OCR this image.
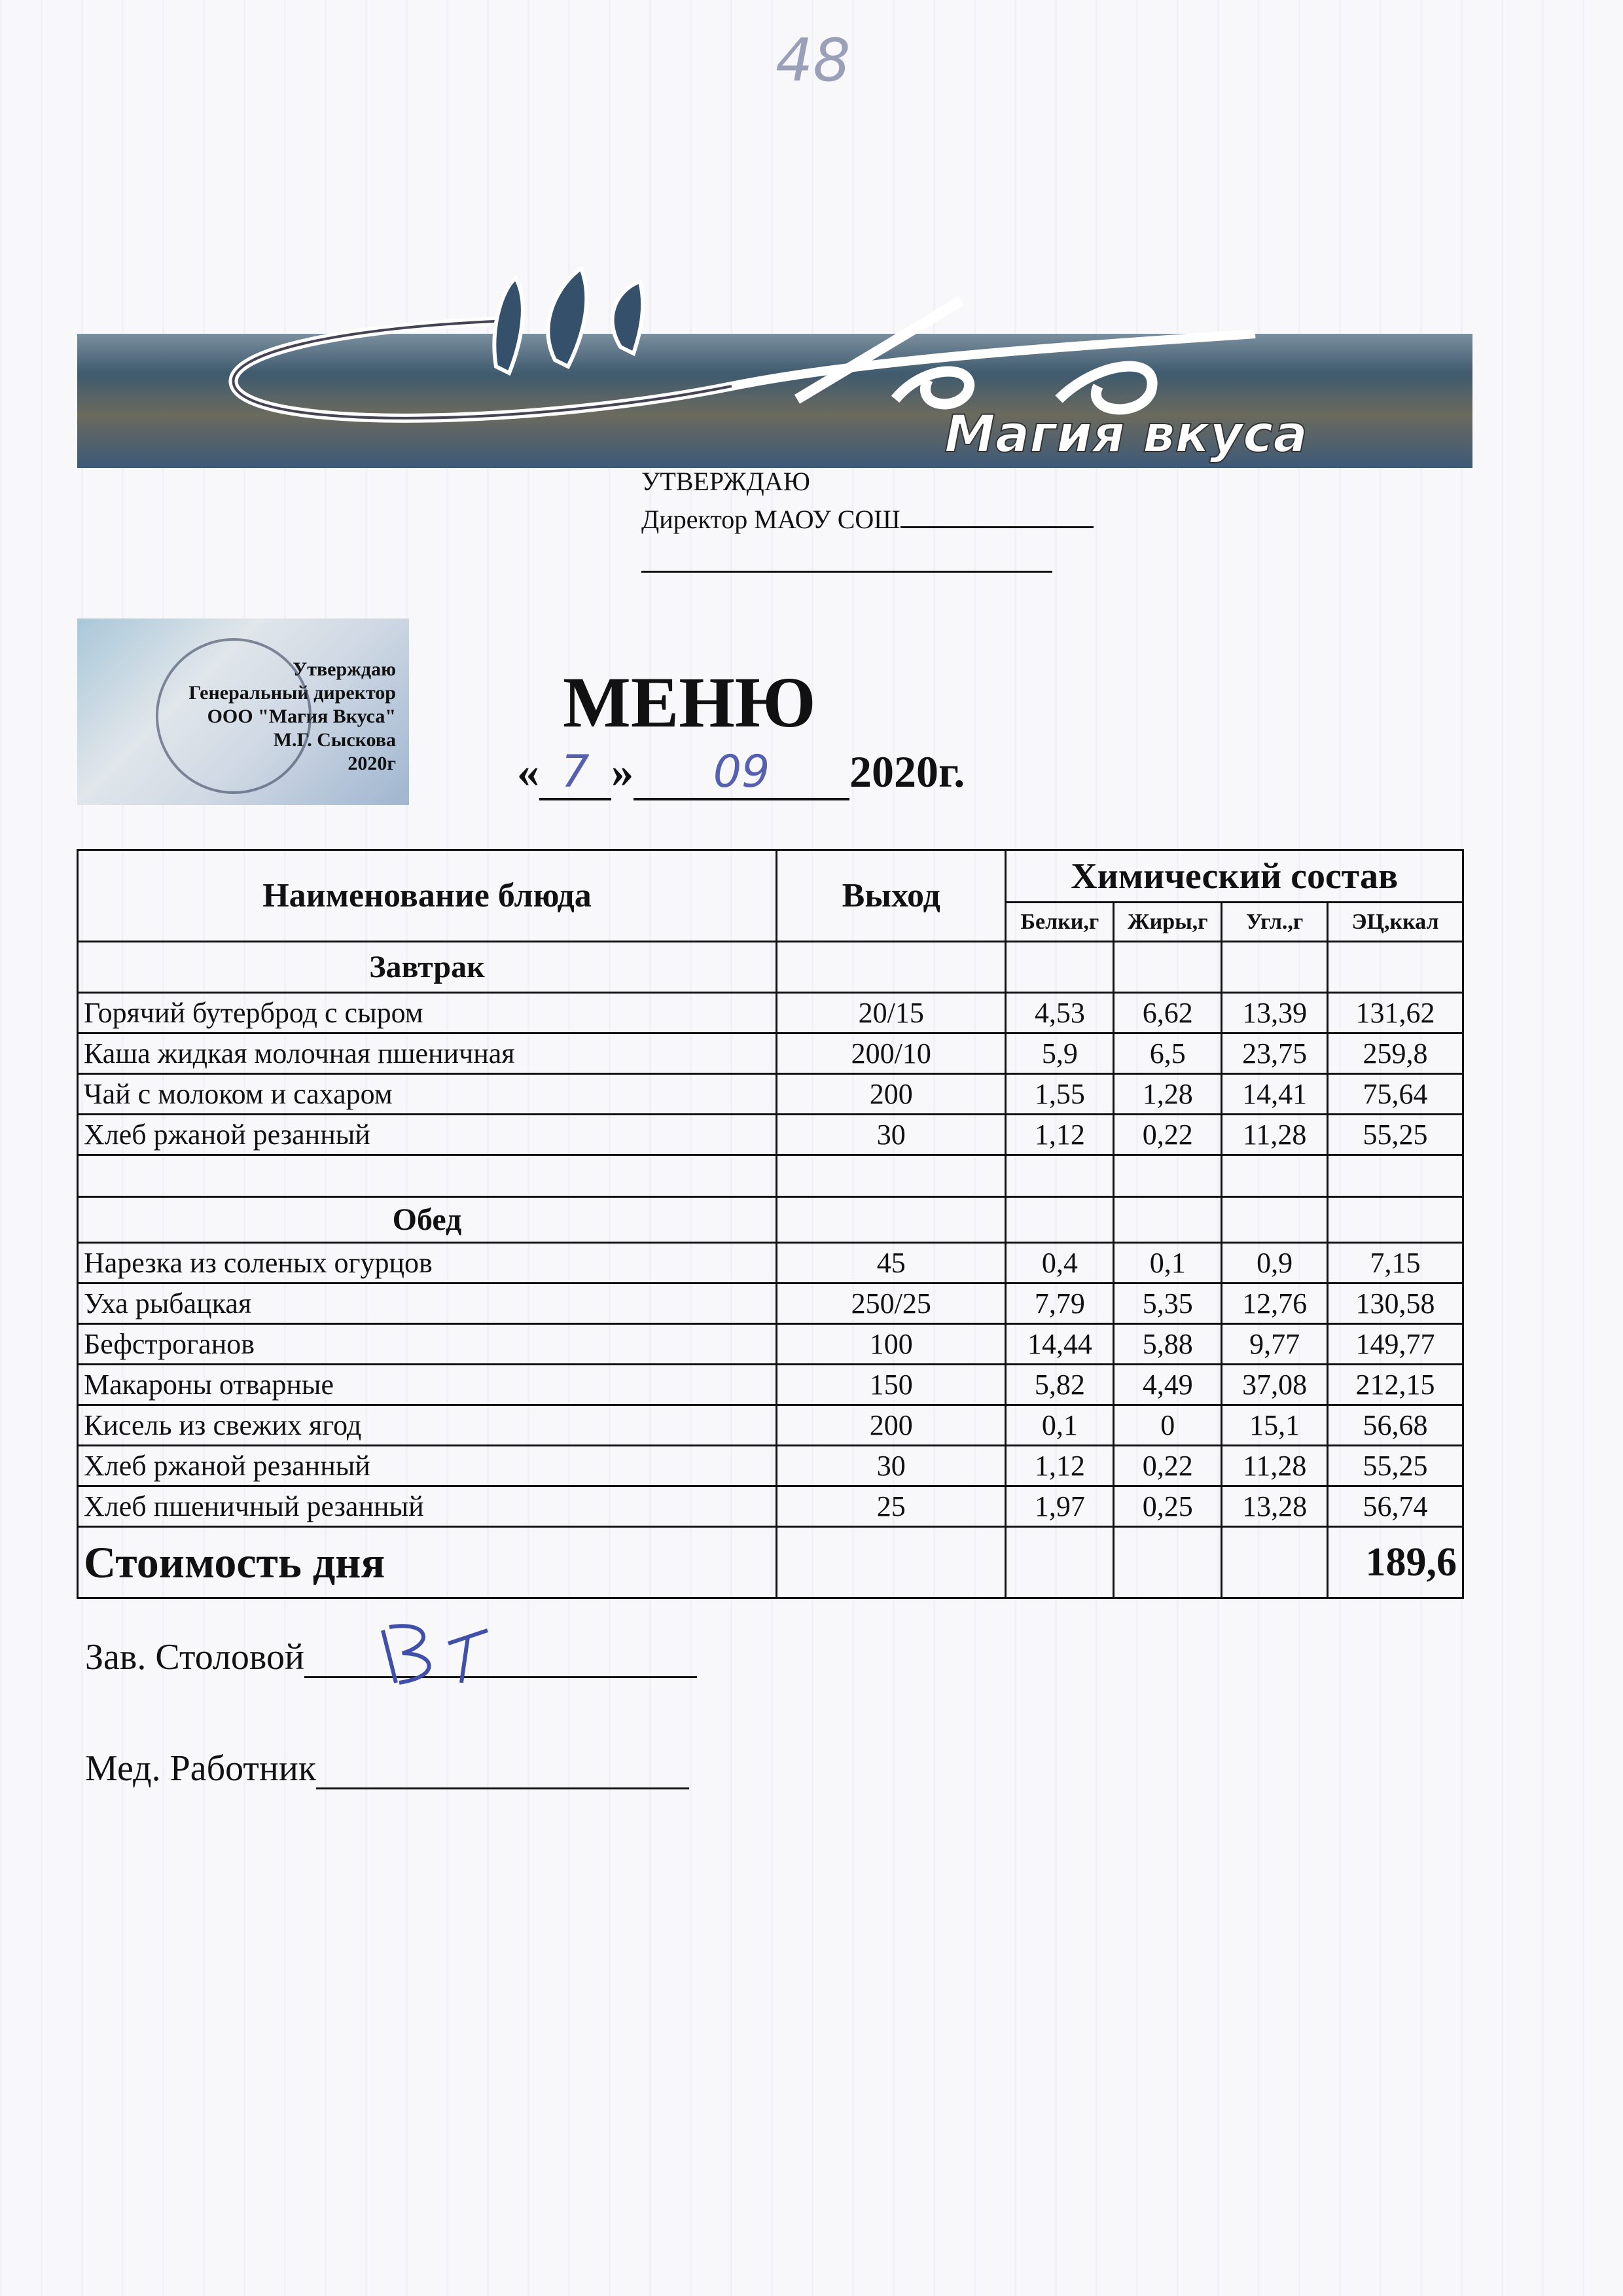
48
Магия вкуса
УТВЕРЖДАЮ
Директор МАОУ СОШ
Утверждаю
Генеральный директор
ООО "Магия Вкуса"
М.Г. Сыскова
2020г
МЕНЮ
« 7 » 09 2020г.
Наименование блюда	Выход	Химический состав			
		Белки,г	Жиры,г	Угл.,г	ЭЦ,ккал
Завтрак					
Горячий бутерброд с сыром	20/15	4,53	6,62	13,39	131,62
Каша жидкая молочная пшеничная	200/10	5,9	6,5	23,75	259,8
Чай с молоком и сахаром	200	1,55	1,28	14,41	75,64
Хлеб ржаной резанный	30	1,12	0,22	11,28	55,25

Обед					
Нарезка из соленых огурцов	45	0,4	0,1	0,9	7,15
Уха рыбацкая	250/25	7,79	5,35	12,76	130,58
Бефстроганов	100	14,44	5,88	9,77	149,77
Макароны отварные	150	5,82	4,49	37,08	212,15
Кисель из свежих ягод	200	0,1	0	15,1	56,68
Хлеб ржаной резанный	30	1,12	0,22	11,28	55,25
Хлеб пшеничный резанный	25	1,97	0,25	13,28	56,74
Стоимость дня					189,6
Зав. Столовой
Мед. Работник
